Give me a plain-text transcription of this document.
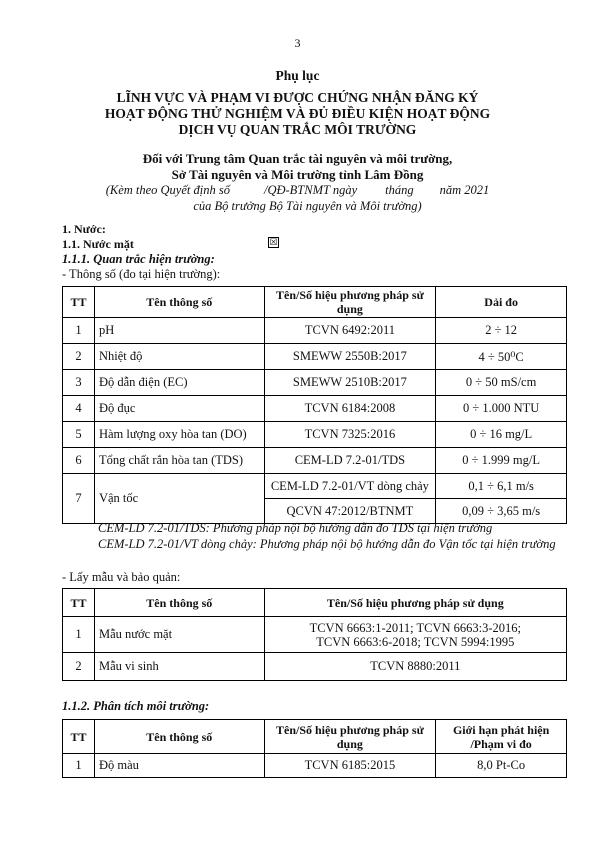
3
Phụ lục
LĨNH VỰC VÀ PHẠM VI ĐƯỢC CHỨNG NHẬN ĐĂNG KÝ
HOẠT ĐỘNG THỬ NGHIỆM VÀ ĐỦ ĐIỀU KIỆN HOẠT ĐỘNG
DỊCH VỤ QUAN TRẮC MÔI TRƯỜNG
Đối với Trung tâm Quan trắc tài nguyên và môi trường,
Sở Tài nguyên và Môi trường tỉnh Lâm Đồng
(Kèm theo Quyết định số	/QĐ-BTNMT ngày tháng năm 2021
của Bộ trưởng Bộ Tài nguyên và Môi trường)
1. Nước:
1.1. Nước mặt	☒
1.1.1. Quan trắc hiện trường:
- Thông số (đo tại hiện trường):
TT	Tên thông số	Tên/Số hiệu phương pháp sử dụng	Dải đo
1	pH	TCVN 6492:2011	2 ÷ 12
2	Nhiệt độ	SMEWW 2550B:2017	4 ÷ 50⁰C
3	Độ dẫn điện (EC)	SMEWW 2510B:2017	0 ÷ 50 mS/cm
4	Độ đục	TCVN 6184:2008	0 ÷ 1.000 NTU
5	Hàm lượng oxy hòa tan (DO)	TCVN 7325:2016	0 ÷ 16 mg/L
6	Tổng chất rắn hòa tan (TDS)	CEM-LD 7.2-01/TDS	0 ÷ 1.999 mg/L
7	Vận tốc	CEM-LD 7.2-01/VT dòng chảy	0,1 ÷ 6,1 m/s
		QCVN 47:2012/BTNMT	0,09 ÷ 3,65 m/s
CEM-LD 7.2-01/TDS: Phương pháp nội bộ hướng dẫn đo TDS tại hiện trường
CEM-LD 7.2-01/VT dòng chảy: Phương pháp nội bộ hướng dẫn đo Vận tốc tại hiện trường
- Lấy mẫu và bảo quản:
TT	Tên thông số	Tên/Số hiệu phương pháp sử dụng
1	Mẫu nước mặt	TCVN 6663:1-2011; TCVN 6663:3-2016;
TCVN 6663:6-2018; TCVN 5994:1995

2	Mẫu vi sinh	TCVN 8880:2011
1.1.2. Phân tích môi trường:
TT	Tên thông số	Tên/Số hiệu phương pháp sử dụng	Giới hạn phát hiện /Phạm vi đo
1	Độ màu	TCVN 6185:2015	8,0 Pt-Co
